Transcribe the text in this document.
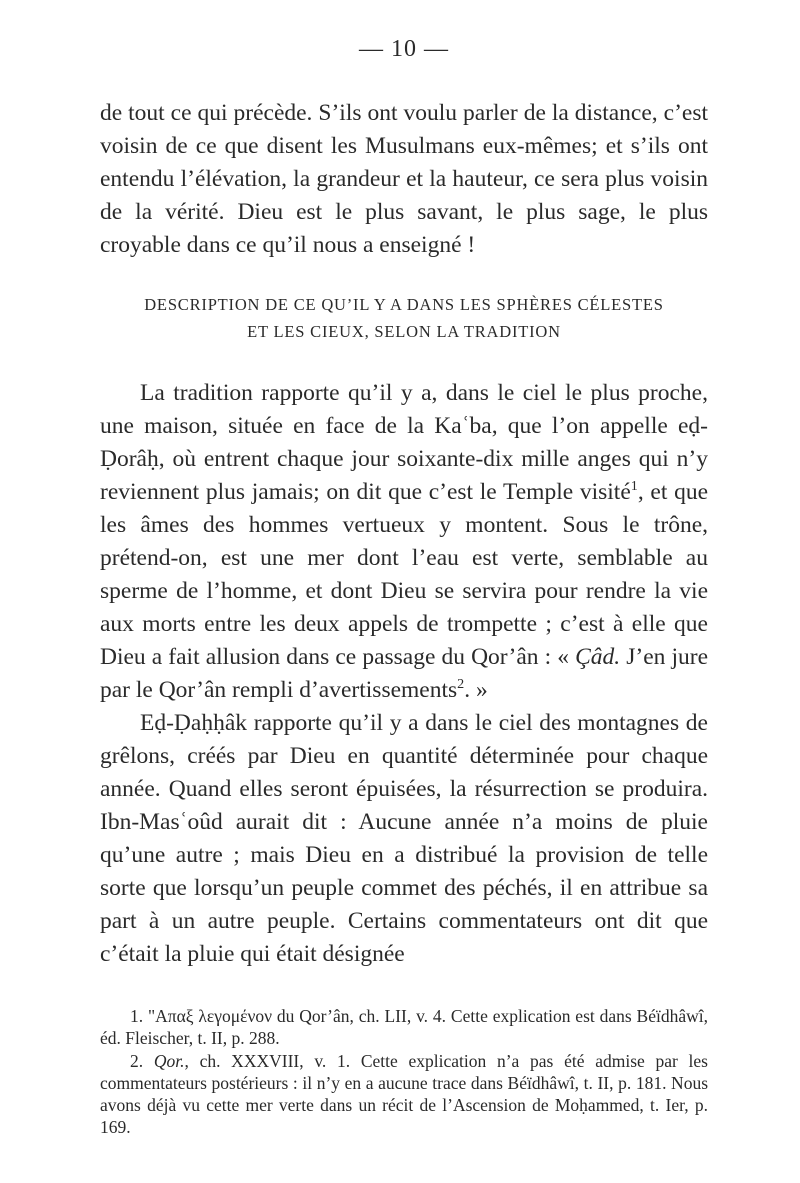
— 10 —

de tout ce qui précède. S’ils ont voulu parler de la distance, c’est voisin de ce que disent les Musulmans eux-mêmes; et s’ils ont entendu l’élévation, la grandeur et la hauteur, ce sera plus voisin de la vérité. Dieu est le plus savant, le plus sage, le plus croyable dans ce qu’il nous a enseigné !

DESCRIPTION DE CE QU’IL Y A DANS LES SPHÈRES CÉLESTES
ET LES CIEUX, SELON LA TRADITION

La tradition rapporte qu’il y a, dans le ciel le plus proche, une maison, située en face de la Kaʿba, que l’on appelle eḍ-Ḍorâḥ, où entrent chaque jour soixante-dix mille anges qui n’y reviennent plus jamais; on dit que c’est le Temple visité$^1$, et que les âmes des hommes vertueux y montent. Sous le trône, prétend-on, est une mer dont l’eau est verte, semblable au sperme de l’homme, et dont Dieu se servira pour rendre la vie aux morts entre les deux appels de trompette ; c’est à elle que Dieu a fait allusion dans ce passage du Qor’ân : « Çâd. J’en jure par le Qor’ân rempli d’avertissements$^2$. »

Eḍ-Ḍaḥḥâk rapporte qu’il y a dans le ciel des montagnes de grêlons, créés par Dieu en quantité déterminée pour chaque année. Quand elles seront épuisées, la résurrection se produira. Ibn-Masʿoûd aurait dit : Aucune année n’a moins de pluie qu’une autre ; mais Dieu en a distribué la provision de telle sorte que lorsqu’un peuple commet des péchés, il en attribue sa part à un autre peuple. Certains commentateurs ont dit que c’était la pluie qui était désignée

1. "Απαξ λεγομένον du Qor’ân, ch. LII, v. 4. Cette explication est dans Béïdhâwî, éd. Fleischer, t. II, p. 288.

2. Qor., ch. XXXVIII, v. 1. Cette explication n’a pas été admise par les commentateurs postérieurs : il n’y en a aucune trace dans Béïdhâwî, t. II, p. 181. Nous avons déjà vu cette mer verte dans un récit de l’Ascension de Moḥammed, t. Ier, p. 169.
